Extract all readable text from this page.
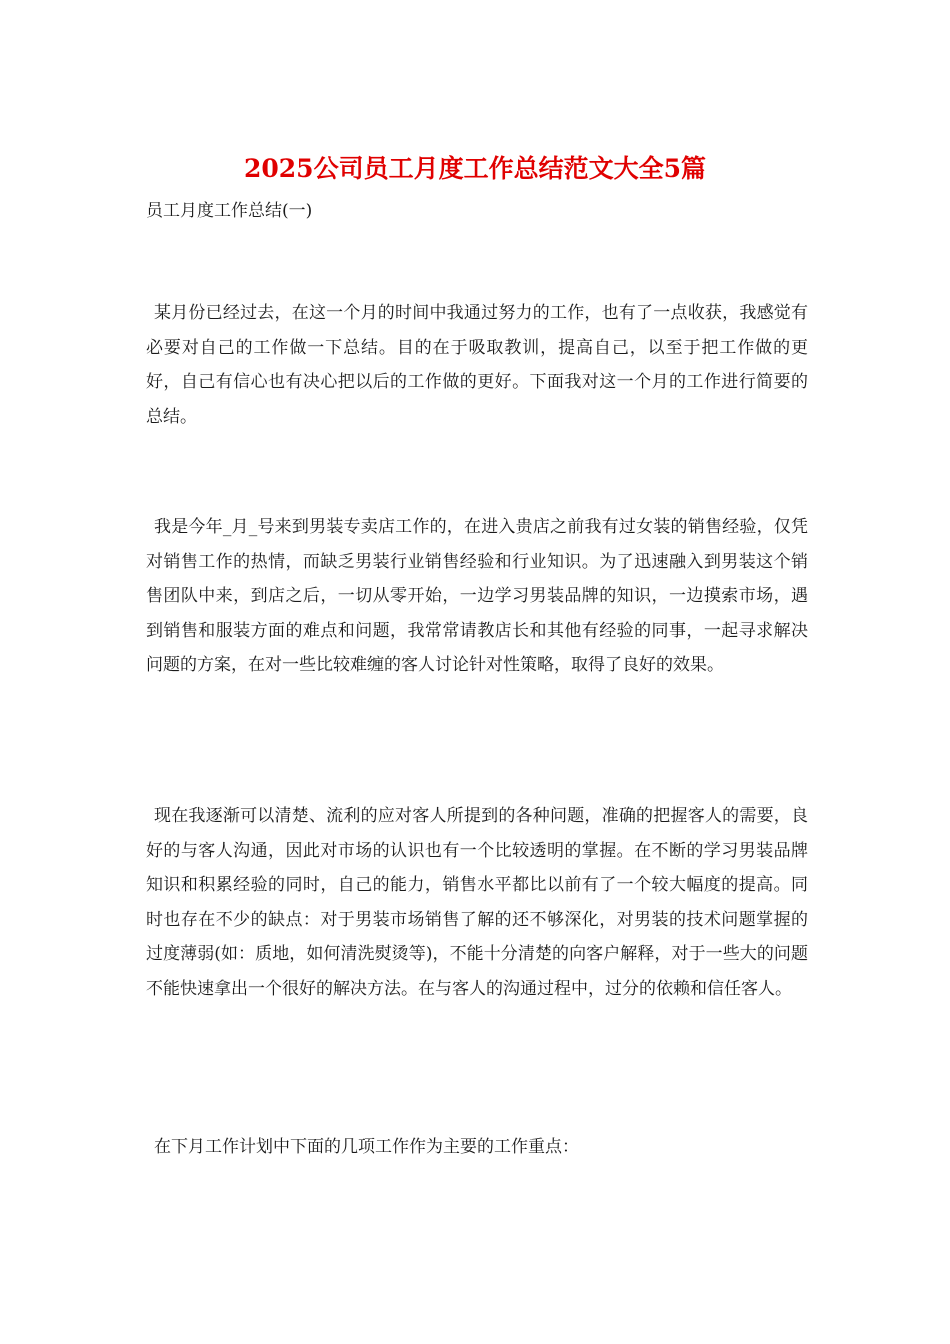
2025公司员工月度工作总结范文大全5篇

员工月度工作总结(一)

某月份已经过去，在这一个月的时间中我通过努力的工作，也有了一点收获，我感觉有必要对自己的工作做一下总结。目的在于吸取教训，提高自己，以至于把工作做的更好，自己有信心也有决心把以后的工作做的更好。下面我对这一个月的工作进行简要的总结。

我是今年_月_号来到男装专卖店工作的，在进入贵店之前我有过女装的销售经验，仅凭对销售工作的热情，而缺乏男装行业销售经验和行业知识。为了迅速融入到男装这个销售团队中来，到店之后，一切从零开始，一边学习男装品牌的知识，一边摸索市场，遇到销售和服装方面的难点和问题，我常常请教店长和其他有经验的同事，一起寻求解决问题的方案，在对一些比较难缠的客人讨论针对性策略，取得了良好的效果。

现在我逐渐可以清楚、流利的应对客人所提到的各种问题，准确的把握客人的需要，良好的与客人沟通，因此对市场的认识也有一个比较透明的掌握。在不断的学习男装品牌知识和积累经验的同时，自己的能力，销售水平都比以前有了一个较大幅度的提高。同时也存在不少的缺点：对于男装市场销售了解的还不够深化，对男装的技术问题掌握的过度薄弱(如：质地，如何清洗熨烫等)，不能十分清楚的向客户解释，对于一些大的问题不能快速拿出一个很好的解决方法。在与客人的沟通过程中，过分的依赖和信任客人。

在下月工作计划中下面的几项工作作为主要的工作重点：
